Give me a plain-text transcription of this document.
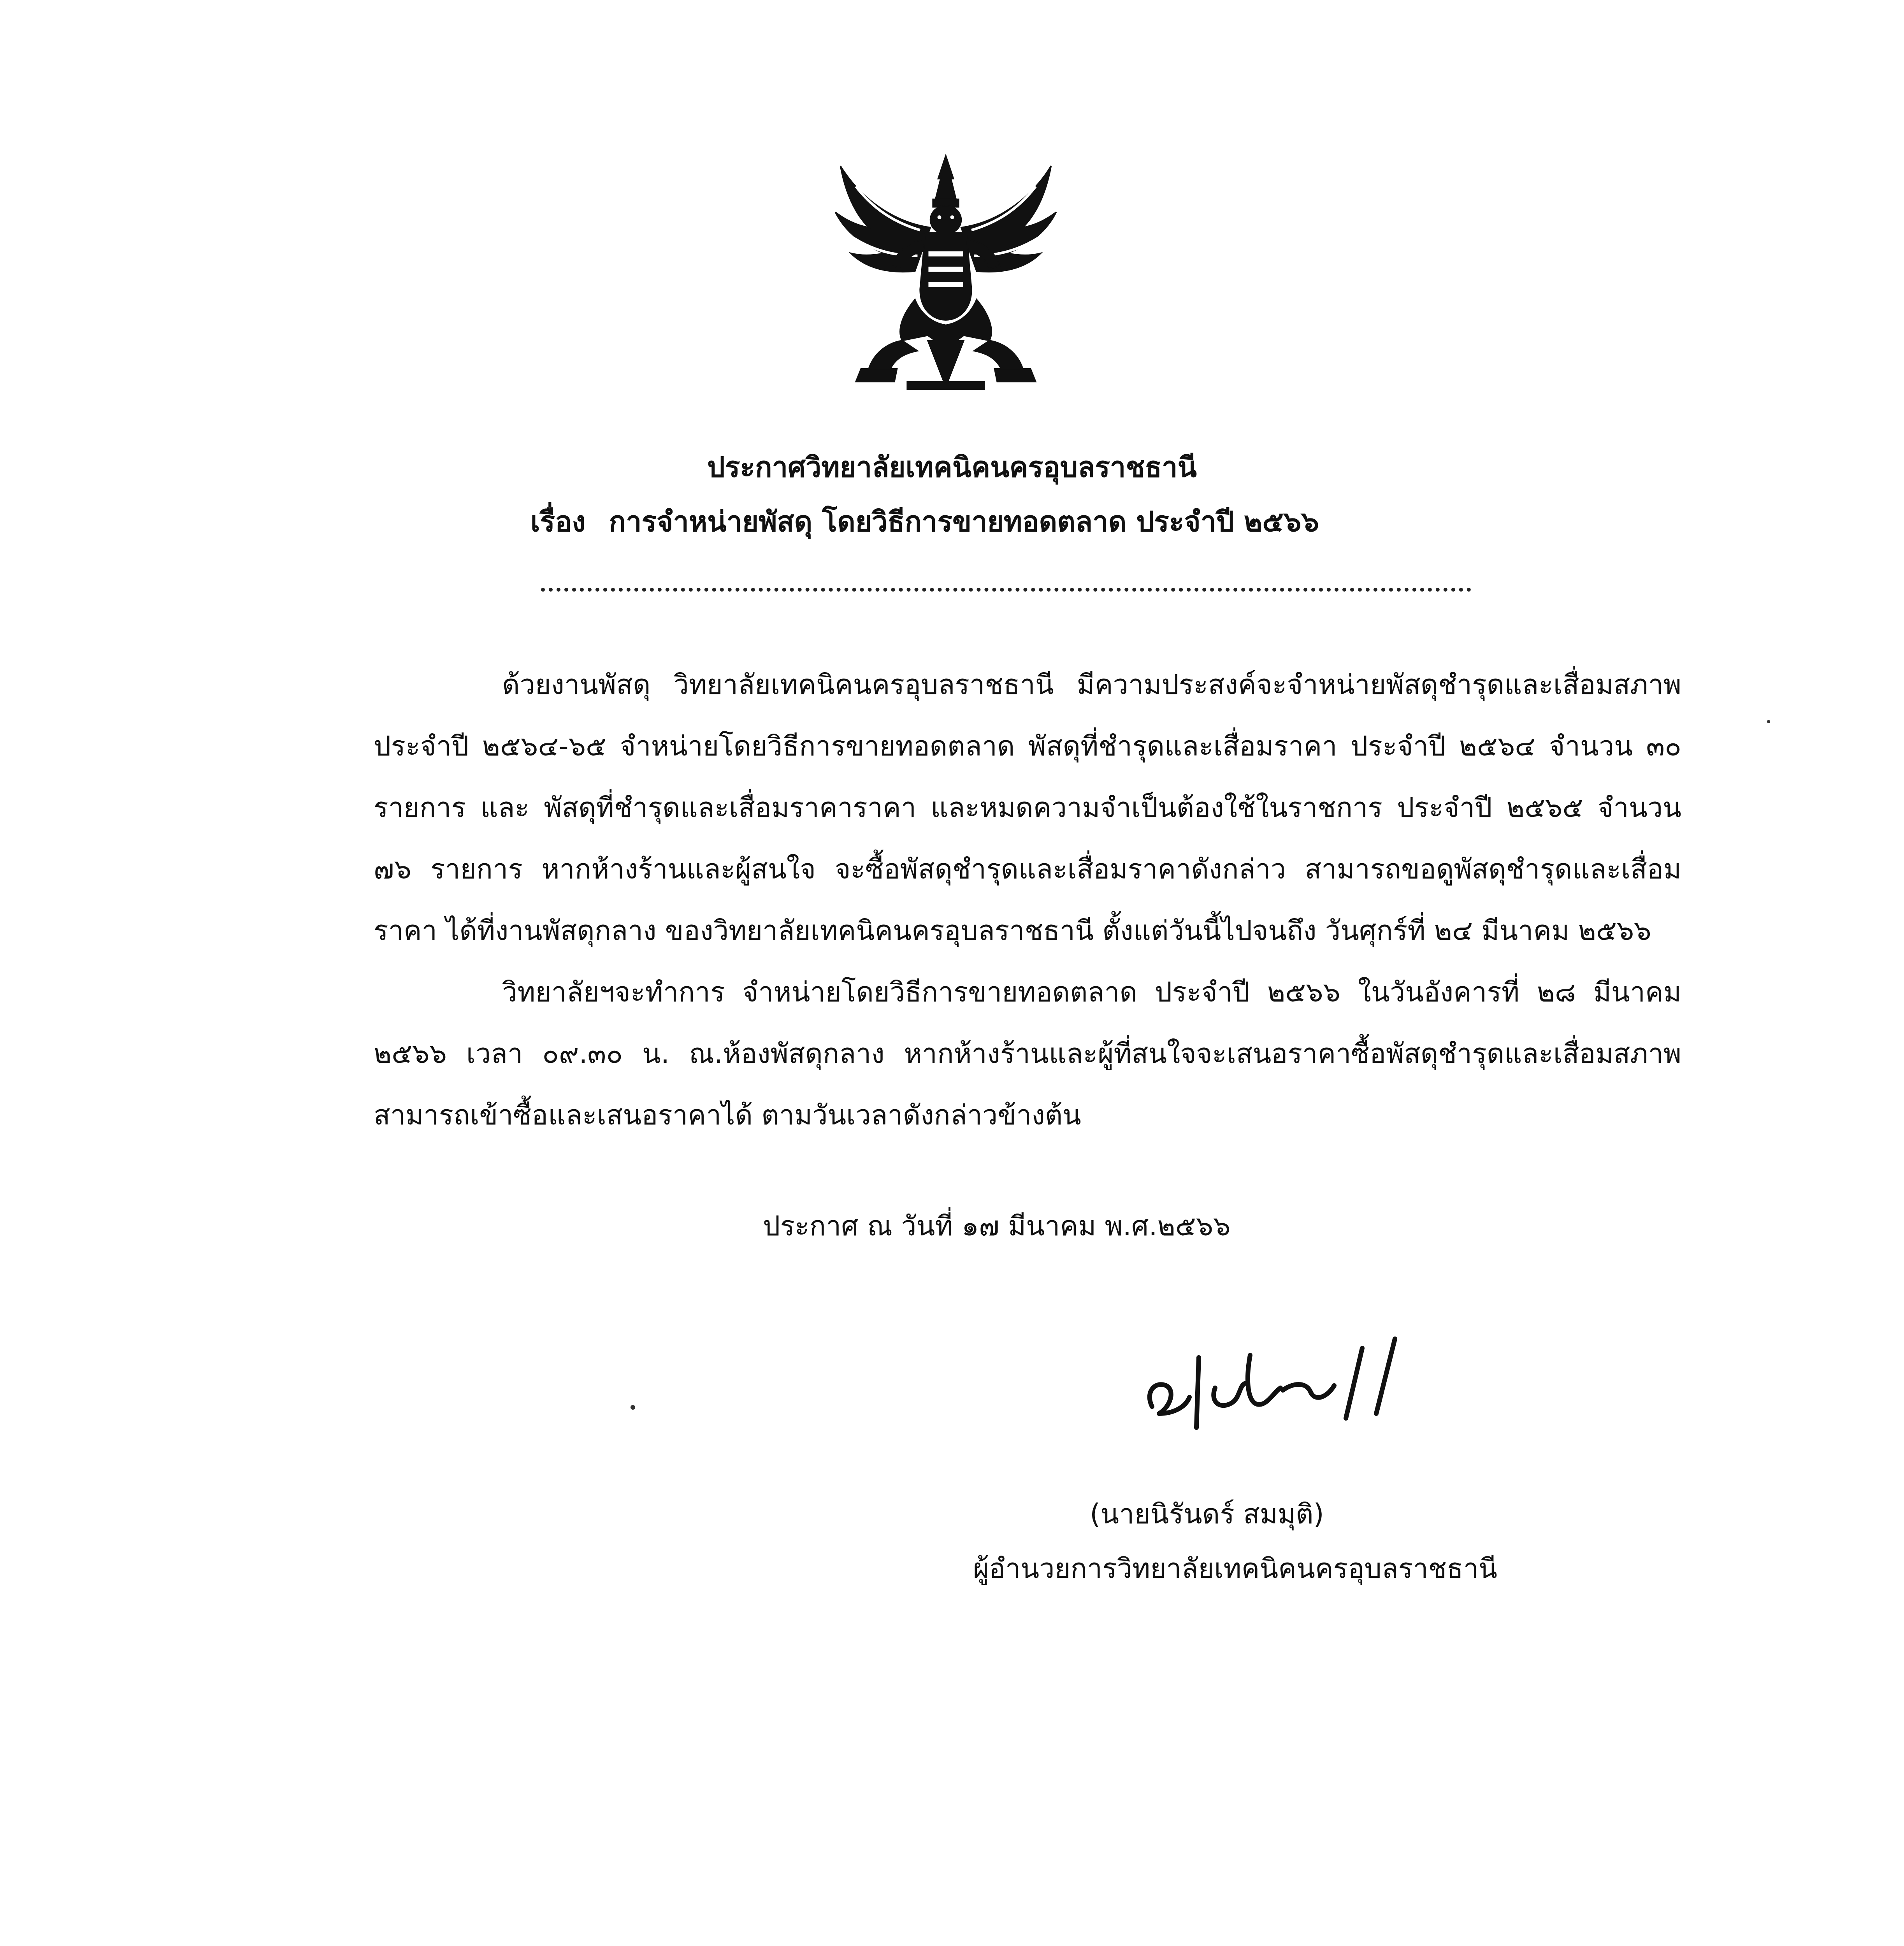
ประกาศวิทยาลัยเทคนิคนครอุบลราชธานี

เรื่อง การจำหน่ายพัสดุ โดยวิธีการขายทอดตลาด ประจำปี ๒๕๖๖

ด้วยงานพัสดุ วิทยาลัยเทคนิคนครอุบลราชธานี มีความประสงค์จะจำหน่ายพัสดุชำรุดและเสื่อมสภาพ ประจำปี ๒๕๖๔-๖๕ จำหน่ายโดยวิธีการขายทอดตลาด พัสดุที่ชำรุดและเสื่อมราคา ประจำปี ๒๕๖๔ จำนวน ๓๐ รายการ และ พัสดุที่ชำรุดและเสื่อมราคาราคา และหมดความจำเป็นต้องใช้ในราชการ ประจำปี ๒๕๖๕ จำนวน ๗๖ รายการ หากห้างร้านและผู้สนใจ จะซื้อพัสดุชำรุดและเสื่อมราคาดังกล่าว สามารถขอดูพัสดุชำรุดและเสื่อมราคา ได้ที่งานพัสดุกลาง ของวิทยาลัยเทคนิคนครอุบลราชธานี ตั้งแต่วันนี้ไปจนถึง วันศุกร์ที่ ๒๔ มีนาคม ๒๕๖๖

วิทยาลัยฯจะทำการ จำหน่ายโดยวิธีการขายทอดตลาด ประจำปี ๒๕๖๖ ในวันอังคารที่ ๒๘ มีนาคม ๒๕๖๖ เวลา ๐๙.๓๐ น. ณ.ห้องพัสดุกลาง หากห้างร้านและผู้ที่สนใจจะเสนอราคาซื้อพัสดุชำรุดและเสื่อมสภาพ สามารถเข้าซื้อและเสนอราคาได้ ตามวันเวลาดังกล่าวข้างต้น

ประกาศ ณ วันที่ ๑๗ มีนาคม พ.ศ.๒๕๖๖
(นายนิรันดร์ สมมุติ)
ผู้อำนวยการวิทยาลัยเทคนิคนครอุบลราชธานี
